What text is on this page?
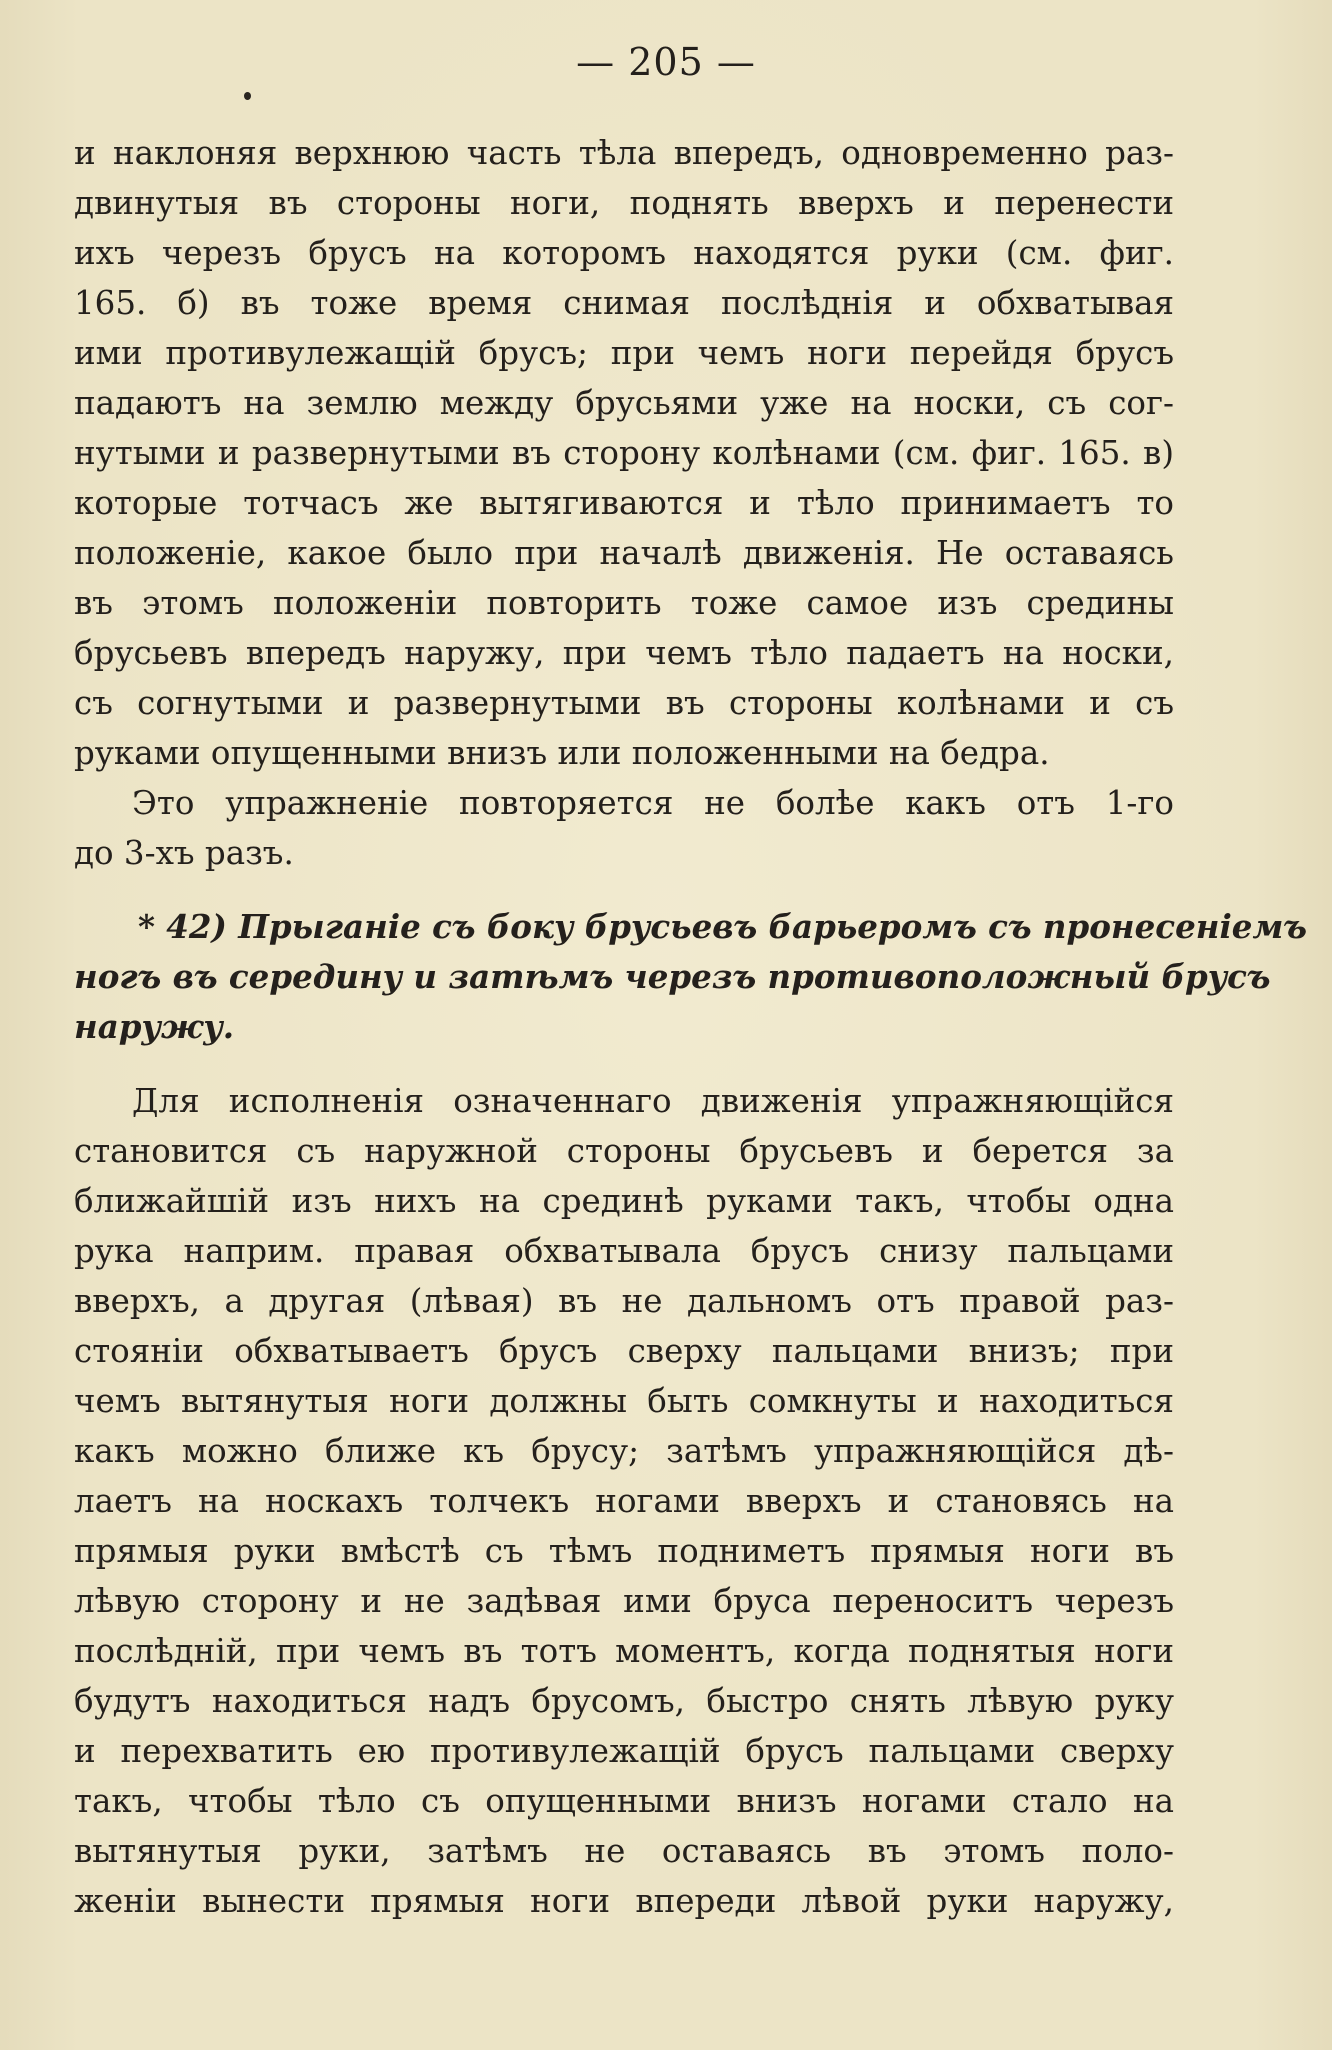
— 205 —
и наклоняя верхнюю часть тѣла впередъ, одновременно раз-
двинутыя въ стороны ноги, поднять вверхъ и перенести
ихъ черезъ брусъ на которомъ находятся руки (см. фиг.
165. б) въ тоже время снимая послѣднія и обхватывая
ими противулежащій брусъ; при чемъ ноги перейдя брусъ
падаютъ на землю между брусьями уже на носки, съ сог-
нутыми и развернутыми въ сторону колѣнами (см. фиг. 165. в)
которые тотчасъ же вытягиваются и тѣло принимаетъ то
положеніе, какое было при началѣ движенія. Не оставаясь
въ этомъ положеніи повторить тоже самое изъ средины
брусьевъ впередъ наружу, при чемъ тѣло падаетъ на носки,
съ согнутыми и развернутыми въ стороны колѣнами и съ
руками опущенными внизъ или положенными на бедра.
Это упражненіе повторяется не болѣе какъ отъ 1-го
до 3-хъ разъ.
* 42) Прыганіе съ боку брусьевъ барьеромъ съ пронесеніемъ
ногъ въ середину и затѣмъ черезъ противоположный брусъ
наружу.
Для исполненія означеннаго движенія упражняющійся
становится съ наружной стороны брусьевъ и берется за
ближайшій изъ нихъ на срединѣ руками такъ, чтобы одна
рука наприм. правая обхватывала брусъ снизу пальцами
вверхъ, а другая (лѣвая) въ не дальномъ отъ правой раз-
стояніи обхватываетъ брусъ сверху пальцами внизъ; при
чемъ вытянутыя ноги должны быть сомкнуты и находиться
какъ можно ближе къ брусу; затѣмъ упражняющійся дѣ-
лаетъ на носкахъ толчекъ ногами вверхъ и становясь на
прямыя руки вмѣстѣ съ тѣмъ подниметъ прямыя ноги въ
лѣвую сторону и не задѣвая ими бруса переноситъ черезъ
послѣдній, при чемъ въ тотъ моментъ, когда поднятыя ноги
будутъ находиться надъ брусомъ, быстро снять лѣвую руку
и перехватить ею противулежащій брусъ пальцами сверху
такъ, чтобы тѣло съ опущенными внизъ ногами стало на
вытянутыя руки, затѣмъ не оставаясь въ этомъ поло-
женіи вынести прямыя ноги впереди лѣвой руки наружу,
